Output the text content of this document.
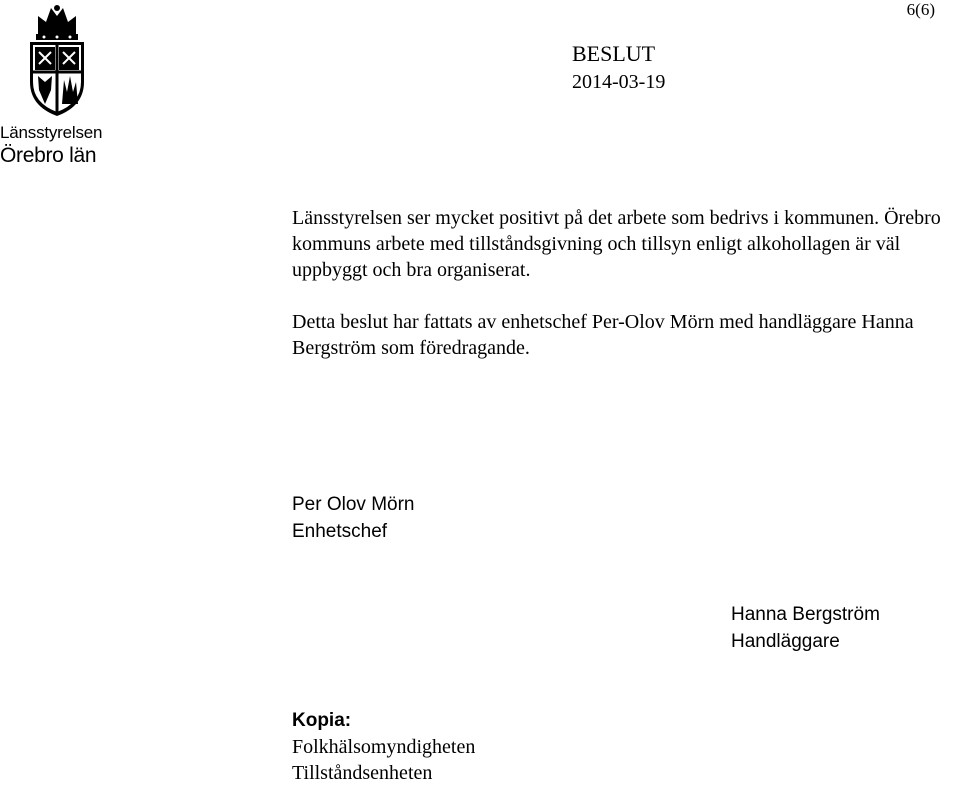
6(6)
Länsstyrelsen
Örebro län
BESLUT
2014-03-19

Länsstyrelsen ser mycket positivt på det arbete som bedrivs i kommunen. Örebro kommuns arbete med tillståndsgivning och tillsyn enligt alkohollagen är väl uppbyggt och bra organiserat.

Detta beslut har fattats av enhetschef Per-Olov Mörn med handläggare Hanna Bergström som föredragande.

Per Olov Mörn
Enhetschef
Hanna Bergström
Handläggare
Kopia:
Folkhälsomyndigheten
Tillståndsenheten
